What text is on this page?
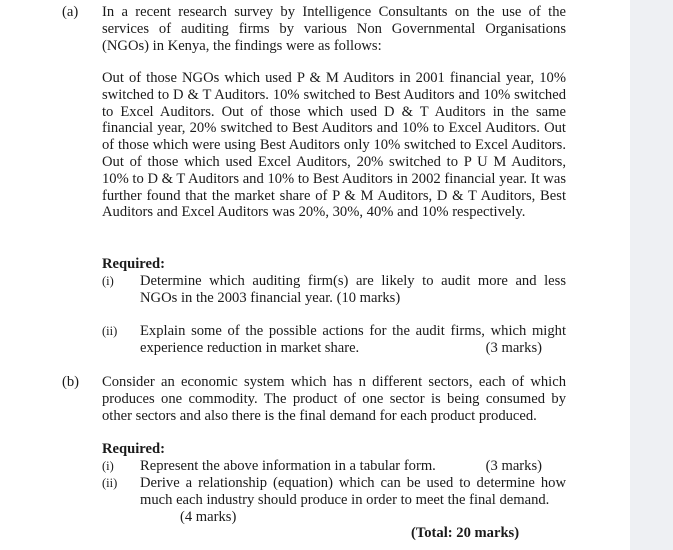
(a) In a recent research survey by Intelligence Consultants on the use of the services of auditing firms by various Non Governmental Organisations (NGOs) in Kenya, the findings were as follows:
Out of those NGOs which used P & M Auditors in 2001 financial year, 10% switched to D & T Auditors. 10% switched to Best Auditors and 10% switched to Excel Auditors. Out of those which used D & T Auditors in the same financial year, 20% switched to Best Auditors and 10% to Excel Auditors. Out of those which were using Best Auditors only 10% switched to Excel Auditors. Out of those which used Excel Auditors, 20% switched to P U M Auditors, 10% to D & T Auditors and 10% to Best Auditors in 2002 financial year. It was further found that the market share of P & M Auditors, D & T Auditors, Best Auditors and Excel Auditors was 20%, 30%, 40% and 10% respectively.
Required:
(i) Determine which auditing firm(s) are likely to audit more and less NGOs in the 2003 financial year. (10 marks)
(ii) Explain some of the possible actions for the audit firms, which might experience reduction in market share.	(3 marks)
(b) Consider an economic system which has n different sectors, each of which produces one commodity. The product of one sector is being consumed by other sectors and also there is the final demand for each product produced.
Required:
(i) Represent the above information in a tabular form.	(3 marks)
(ii) Derive a relationship (equation) which can be used to determine how much each industry should produce in order to meet the final demand.
(4 marks)
(Total: 20 marks)
